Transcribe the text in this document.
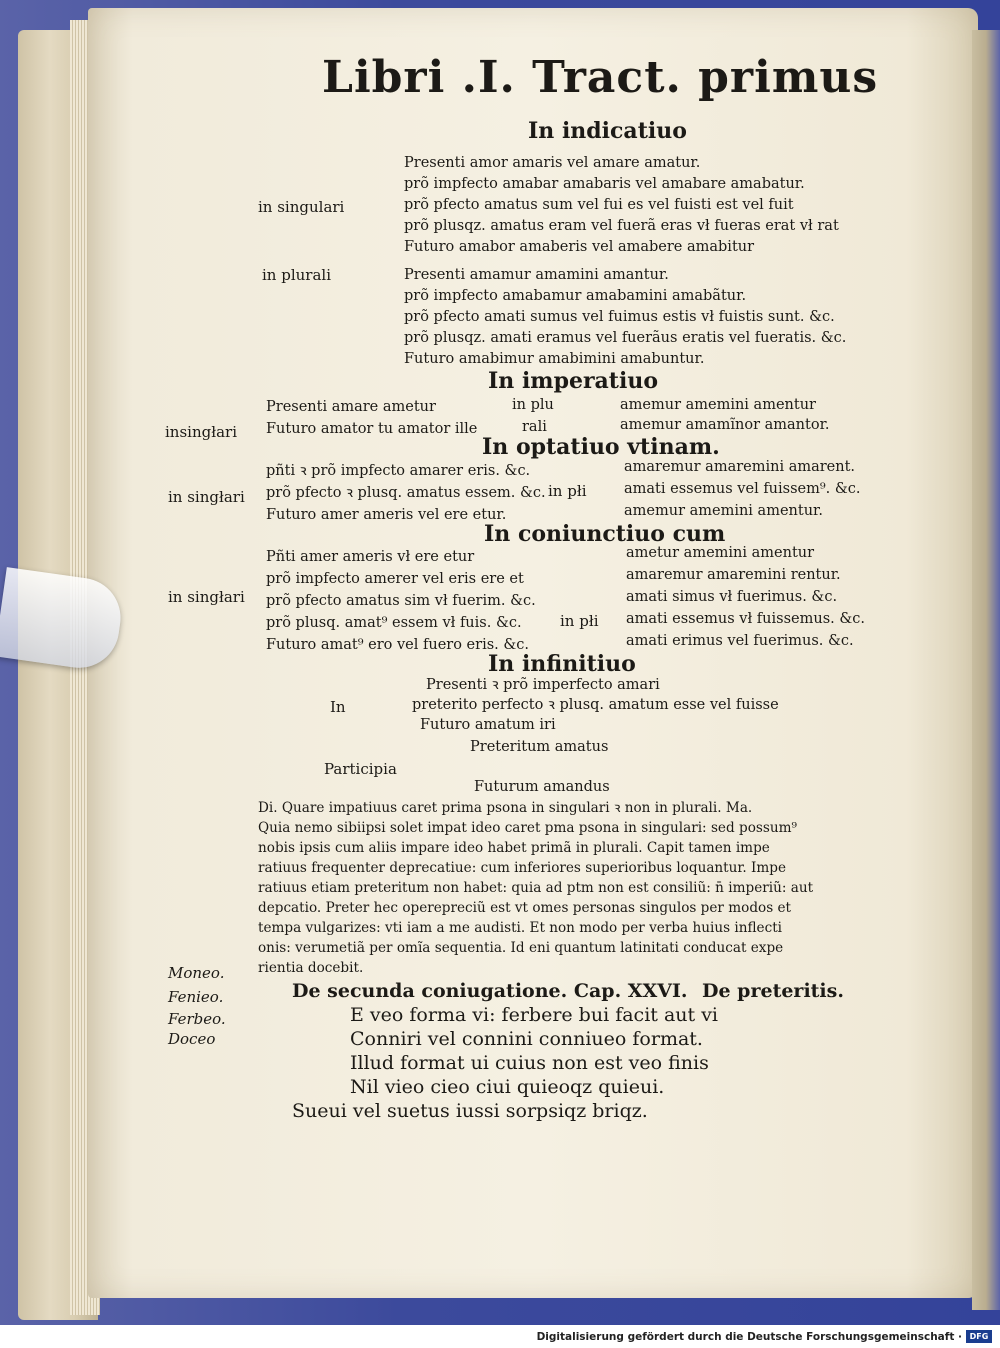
Libri .I. Tract. primus
In indicatiuo
in singulari
Presenti amor amaris vel amare amatur.
prõ impfecto amabar amabaris vel amabare amabatur.
prõ pfecto amatus sum vel fui es vel fuisti est vel fuit
prõ plusqz. amatus eram vel fuerã eras vł fueras erat vł rat
Futuro amabor amaberis vel amabere amabitur
in plurali	Presenti amamur amamini amantur.
prõ impfecto amabamur amabamini amabãtur.
prõ pfecto amati sumus vel fuimus estis vł fuistis sunt. &c.
prõ plusqz. amati eramus vel fuerãus eratis vel fueratis. &c.
Futuro amabimur amabimini amabuntur.
In imperatiuo
insingłari
Presenti amare ametur	in plu	amemur amemini amentur
Futuro amator tu amator ille	rali	amemur amamĩnor amantor.
In optatiuo vtinam.
in singłari	in płi
pñti ꝛ prõ impfecto amarer eris. &c.	amaremur amaremini amarent.
prõ pfecto ꝛ plusq. amatus essem. &c.	amati essemus vel fuissem⁹. &c.
Futuro amer ameris vel ere etur.	amemur amemini amentur.
In coniunctiuo cum
in singłari
in płi
Pñti amer ameris vł ere etur	ametur amemini amentur
prõ impfecto amerer vel eris ere et	amaremur amaremini rentur.
prõ pfecto amatus sim vł fuerim. &c.	amati simus vł fuerimus. &c.
prõ plusq. amat⁹ essem vł fuis. &c.	amati essemus vł fuissemus. &c.
Futuro amat⁹ ero vel fuero eris. &c.	amati erimus vel fuerimus. &c.
In infinitiuo
In
Presenti ꝛ prõ imperfecto amari
preterito perfecto ꝛ plusq. amatum esse vel fuisse
Futuro amatum iri
Preteritum amatus
Participia
Futurum amandus
Di. Quare impatiuus caret prima psona in singulari ꝛ non in plurali. Ma.
Quia nemo sibiipsi solet impat ideo caret pma psona in singulari: sed possum⁹
nobis ipsis cum aliis impare ideo habet primã in plurali. Capit tamen impe
ratiuus frequenter deprecatiue: cum inferiores superioribus loquantur. Impe
ratiuus etiam preteritum non habet: quia ad ptm non est consiliũ: n̄ imperiũ: aut
depcatio. Preter hec operepreciũ est vt omes personas singulos per modos et
tempa vulgarizes: vti iam a me audisti. Et non modo per verba huius inflecti
onis: verumetiã per omĩa sequentia. Id eni quantum latinitati conducat expe
rientia docebit.
Moneo.
Fenieo.
Ferbeo.
Doceo
De secunda coniugatione. Cap. XXVI. De preteritis.
E veo forma vi: ferbere bui facit aut vi
Conniri vel connini conniueo format.
Illud format ui cuius non est veo finis
Nil vieo cieo ciui quieoqz quieui.
Sueui vel suetus iussi sorpsiqz briqz.
Digitalisierung gefördert durch die Deutsche Forschungsgemeinschaft · DFG
